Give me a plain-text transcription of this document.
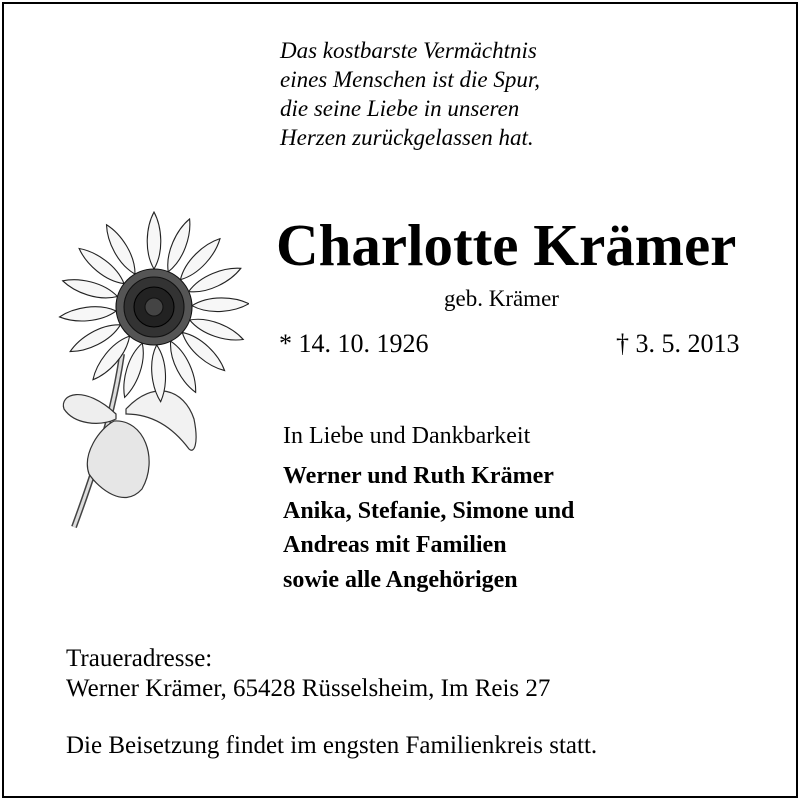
Das kostbarste Vermächtnis
eines Menschen ist die Spur,
die seine Liebe in unseren
Herzen zurückgelassen hat.
Charlotte Krämer
geb. Krämer
* 14. 10. 1926	† 3. 5. 2013
In Liebe und Dankbarkeit
Werner und Ruth Krämer
Anika, Stefanie, Simone und
Andreas mit Familien
sowie alle Angehörigen
Traueradresse:
Werner Krämer, 65428 Rüsselsheim, Im Reis 27
Die Beisetzung findet im engsten Familienkreis statt.
